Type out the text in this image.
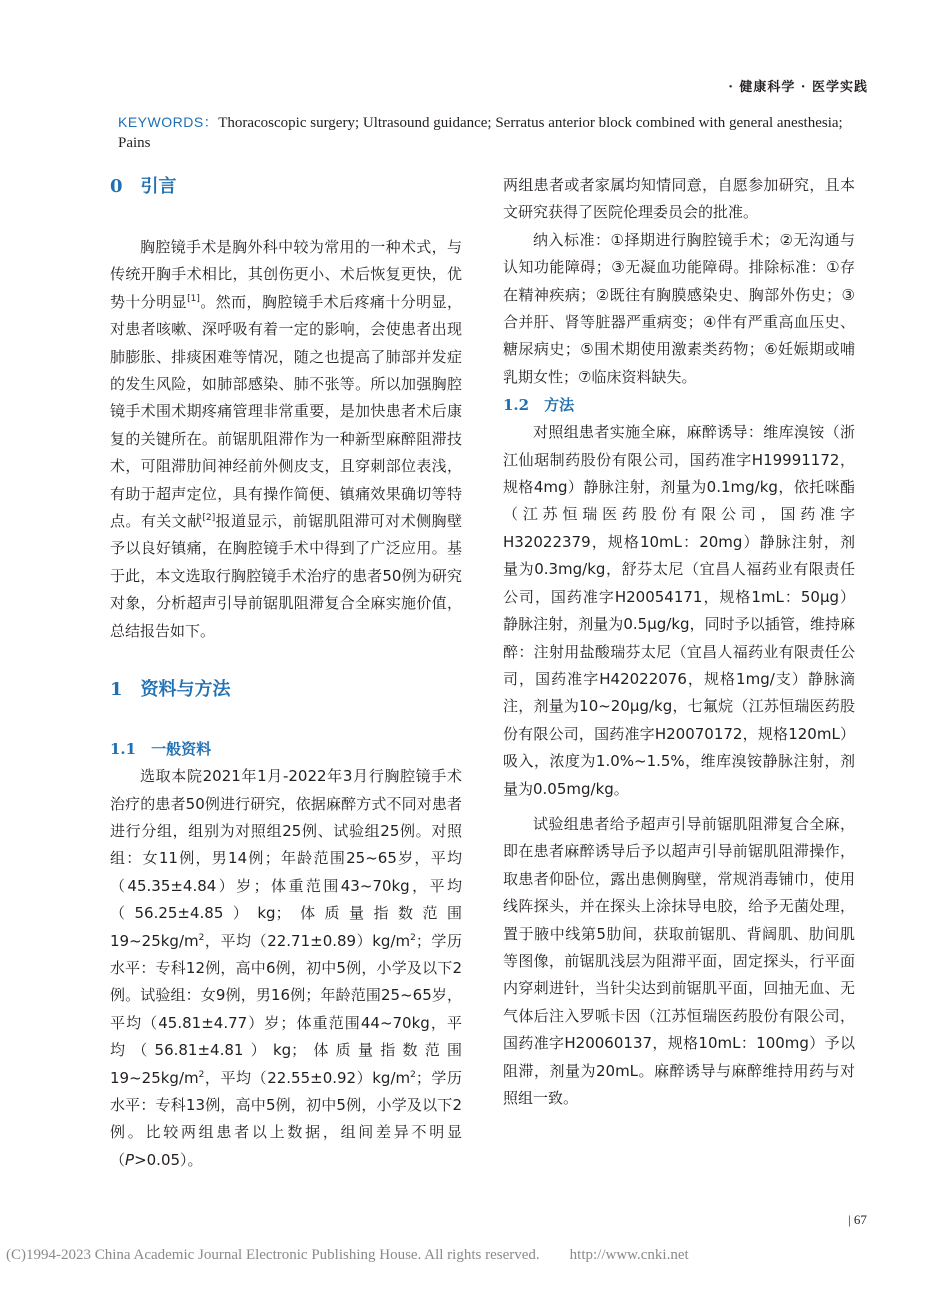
· 健康科学 · 医学实践
KEYWORDS：Thoracoscopic surgery; Ultrasound guidance; Serratus anterior block combined with general anesthesia; Pains
0　引言

胸腔镜手术是胸外科中较为常用的一种术式，与传统开胸手术相比，其创伤更小、术后恢复更快，优势十分明显[1]。然而，胸腔镜手术后疼痛十分明显，对患者咳嗽、深呼吸有着一定的影响，会使患者出现肺膨胀、排痰困难等情况，随之也提高了肺部并发症的发生风险，如肺部感染、肺不张等。所以加强胸腔镜手术围术期疼痛管理非常重要，是加快患者术后康复的关键所在。前锯肌阻滞作为一种新型麻醉阻滞技术，可阻滞肋间神经前外侧皮支，且穿刺部位表浅，有助于超声定位，具有操作简便、镇痛效果确切等特点。有关文献[2]报道显示，前锯肌阻滞可对术侧胸壁予以良好镇痛，在胸腔镜手术中得到了广泛应用。基于此，本文选取行胸腔镜手术治疗的患者50例为研究对象，分析超声引导前锯肌阻滞复合全麻实施价值，总结报告如下。

1　资料与方法
1.1　一般资料

选取本院2021年1月-2022年3月行胸腔镜手术治疗的患者50例进行研究，依据麻醉方式不同对患者进行分组，组别为对照组25例、试验组25例。对照组：女11例，男14例；年龄范围25~65岁，平均（45.35±4.84）岁；体重范围43~70kg，平均（56.25±4.85）kg；体质量指数范围$19\sim 25kg/m^2$，平均$(22.71\pm 0.89)kg/m^2$；学历水平：专科12例，高中6例，初中5例，小学及以下2例。试验组：女9例，男16例；年龄范围25~65岁，平均（45.81±4.77）岁；体重范围44~70kg，平均（56.81±4.81）kg；体质量指数范围$19\sim 25kg/m^2$，平均$(22.55\pm 0.92)kg/m^2$；学历水平：专科13例，高中5例，初中5例，小学及以下2例。比较两组患者以上数据，组间差异不明显（P>0.05）。

两组患者或者家属均知情同意，自愿参加研究，且本文研究获得了医院伦理委员会的批准。

纳入标准：①择期进行胸腔镜手术；②无沟通与认知功能障碍；③无凝血功能障碍。排除标准：①存在精神疾病；②既往有胸膜感染史、胸部外伤史；③合并肝、肾等脏器严重病变；④伴有严重高血压史、糖尿病史；⑤围术期使用激素类药物；⑥妊娠期或哺乳期女性；⑦临床资料缺失。

1.2　方法

对照组患者实施全麻，麻醉诱导：维库溴铵（浙江仙琚制药股份有限公司，国药准字H19991172，规格4mg）静脉注射，剂量为0.1mg/kg，依托咪酯（江苏恒瑞医药股份有限公司，国药准字H32022379，规格10mL：20mg）静脉注射，剂量为0.3mg/kg，舒芬太尼（宜昌人福药业有限责任公司，国药准字H20054171，规格1mL：50μg）静脉注射，剂量为0.5μg/kg，同时予以插管，维持麻醉：注射用盐酸瑞芬太尼（宜昌人福药业有限责任公司，国药准字H42022076，规格1mg/支）静脉滴注，剂量为10~20μg/kg，七氟烷（江苏恒瑞医药股份有限公司，国药准字H20070172，规格120mL）吸入，浓度为1.0%~1.5%，维库溴铵静脉注射，剂量为0.05mg/kg。

试验组患者给予超声引导前锯肌阻滞复合全麻，即在患者麻醉诱导后予以超声引导前锯肌阻滞操作，取患者仰卧位，露出患侧胸壁，常规消毒铺巾，使用线阵探头，并在探头上涂抹导电胶，给予无菌处理，置于腋中线第5肋间，获取前锯肌、背阔肌、肋间肌等图像，前锯肌浅层为阻滞平面，固定探头，行平面内穿刺进针，当针尖达到前锯肌平面，回抽无血、无气体后注入罗哌卡因（江苏恒瑞医药股份有限公司，国药准字H20060137，规格10mL：100mg）予以阻滞，剂量为20mL。麻醉诱导与麻醉维持用药与对照组一致。

| 67
(C)1994-2023 China Academic Journal Electronic Publishing House. All rights reserved.　　http://www.cnki.net
